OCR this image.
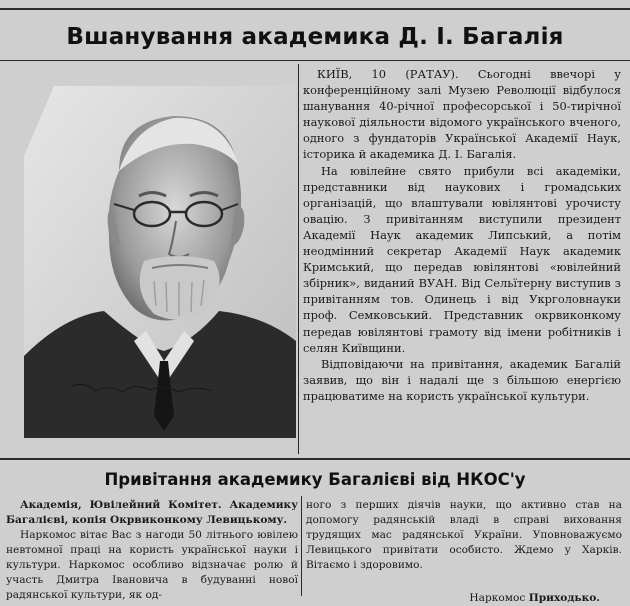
Вшанування академика Д. І. Багалія

КИЇВ, 10 (РАТАУ). Сьогодні ввечорі у конференційному залі Музею Революції відбулося шанування 40-річної професорської і 50-тирічної наукової діяльности відомого українського вченого, одного з фундаторів Української Академії Наук, історика й академика Д. І. Багалія.

На ювілейне свято прибули всі академіки, представники від наукових і громадських організацій, що влаштували ювілянтові урочисту овацію. З привітанням виступили президент Академії Наук академик Липський, а потім неодмінний секретар Академії Наук академик Кримський, що передав ювілянтові «ювілейний збірник», виданий ВУАН. Від Сельїтерну виступив з привітанням тов. Одинець і від Укрголовнауки проф. Семковський. Представник окрвиконкому передав ювілянтові грамоту від імени робітників і селян Київщини.

Відповідаючи на привітання, академик Багалій заявив, що він і надалі ще з більшою енергією працюватиме на користь української культури.

Привітання академику Багалієві від НКОС'у

Академія, Ювілейний Комітет. Академику Багалієві, копія Окрвиконкому Левицькому.

Наркомос вітає Вас з нагоди 50 літнього ювілею невтомної праці на користь української науки і культури. Наркомос особливо відзначає ролю й участь Дмитра Івановича в будуванні нової радянської культури, як од-

ного з перших діячів науки, що активно став на допомогу радянській владі в справі виховання трудящих мас радянської України. Уповноважуємо Левицького привітати особисто. Ждемо у Харків. Вітаємо і здоровимо.

Наркомос Приходько.
